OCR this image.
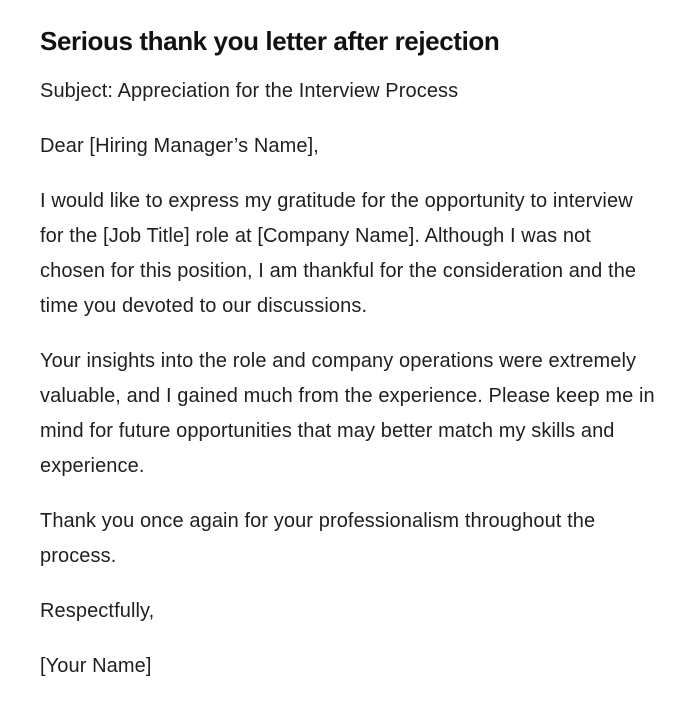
Serious thank you letter after rejection

Subject: Appreciation for the Interview Process

Dear [Hiring Manager’s Name],

I would like to express my gratitude for the opportunity to interview for the [Job Title] role at [Company Name]. Although I was not chosen for this position, I am thankful for the consideration and the time you devoted to our discussions.

Your insights into the role and company operations were extremely valuable, and I gained much from the experience. Please keep me in mind for future opportunities that may better match my skills and experience.

Thank you once again for your professionalism throughout the process.

Respectfully,

[Your Name]
